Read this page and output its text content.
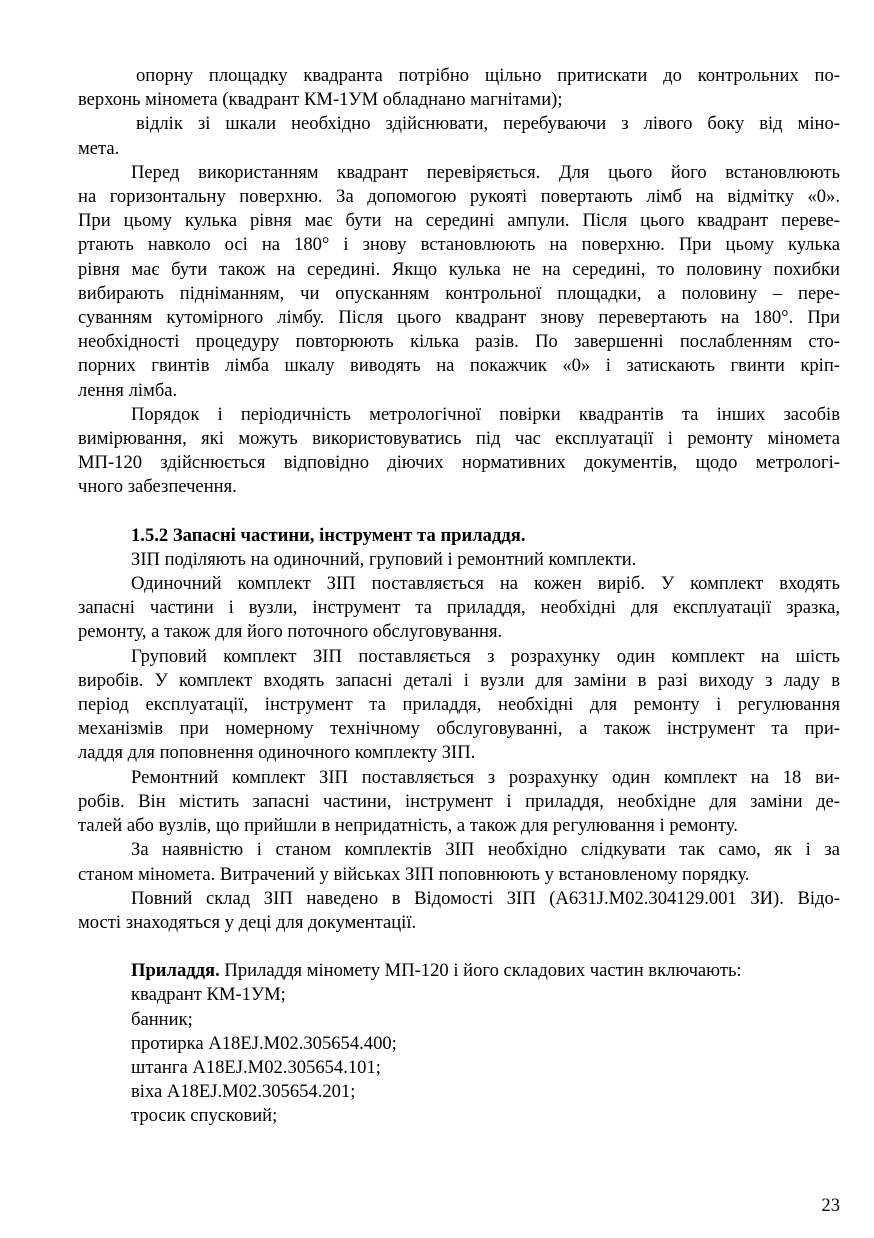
опорну площадку квадранта потрібно щільно притискати до контрольних по-
верхонь міномета (квадрант КМ-1УМ обладнано магнітами);
відлік зі шкали необхідно здійснювати, перебуваючи з лівого боку від міно-
мета.
Перед використанням квадрант перевіряється. Для цього його встановлюють
на горизонтальну поверхню. За допомогою рукояті повертають лімб на відмітку «0».
При цьому кулька рівня має бути на середині ампули. Після цього квадрант переве-
ртають навколо осі на 180° і знову встановлюють на поверхню. При цьому кулька
рівня має бути також на середині. Якщо кулька не на середині, то половину похибки
вибирають підніманням, чи опусканням контрольної площадки, а половину – пере-
суванням кутомірного лімбу. Після цього квадрант знову перевертають на 180°. При
необхідності процедуру повторюють кілька разів. По завершенні послабленням сто-
порних гвинтів лімба шкалу виводять на покажчик «0» і затискають гвинти кріп-
лення лімба.
Порядок і періодичність метрологічної повірки квадрантів та інших засобів
вимірювання, які можуть використовуватись під час експлуатації і ремонту міномета
МП-120 здійснюється відповідно діючих нормативних документів, щодо метрологі-
чного забезпечення.
1.5.2 Запасні частини, інструмент та приладдя.
ЗІП поділяють на одиночний, груповий і ремонтний комплекти.
Одиночний комплект ЗІП поставляється на кожен виріб. У комплект входять
запасні частини і вузли, інструмент та приладдя, необхідні для експлуатації зразка,
ремонту, а також для його поточного обслуговування.
Груповий комплект ЗІП поставляється з розрахунку один комплект на шість
виробів. У комплект входять запасні деталі і вузли для заміни в разі виходу з ладу в
період експлуатації, інструмент та приладдя, необхідні для ремонту і регулювання
механізмів при номерному технічному обслуговуванні, а також інструмент та при-
ладдя для поповнення одиночного комплекту ЗІП.
Ремонтний комплект ЗІП поставляється з розрахунку один комплект на 18 ви-
робів. Він містить запасні частини, інструмент і приладдя, необхідне для заміни де-
талей або вузлів, що прийшли в непридатність, а також для регулювання і ремонту.
За наявністю і станом комплектів ЗІП необхідно слідкувати так само, як і за
станом міномета. Витрачений у військах ЗІП поповнюють у встановленому порядку.
Повний склад ЗІП наведено в Відомості ЗІП (А631J.М02.304129.001 ЗИ). Відо-
мості знаходяться у деці для документації.
Приладдя. Приладдя мінометy МП-120 і його складових частин включають:
квадрант КМ-1УМ;
банник;
протирка А18ЕJ.М02.305654.400;
штанга А18ЕJ.М02.305654.101;
віха А18ЕJ.М02.305654.201;
тросик спусковий;
23
